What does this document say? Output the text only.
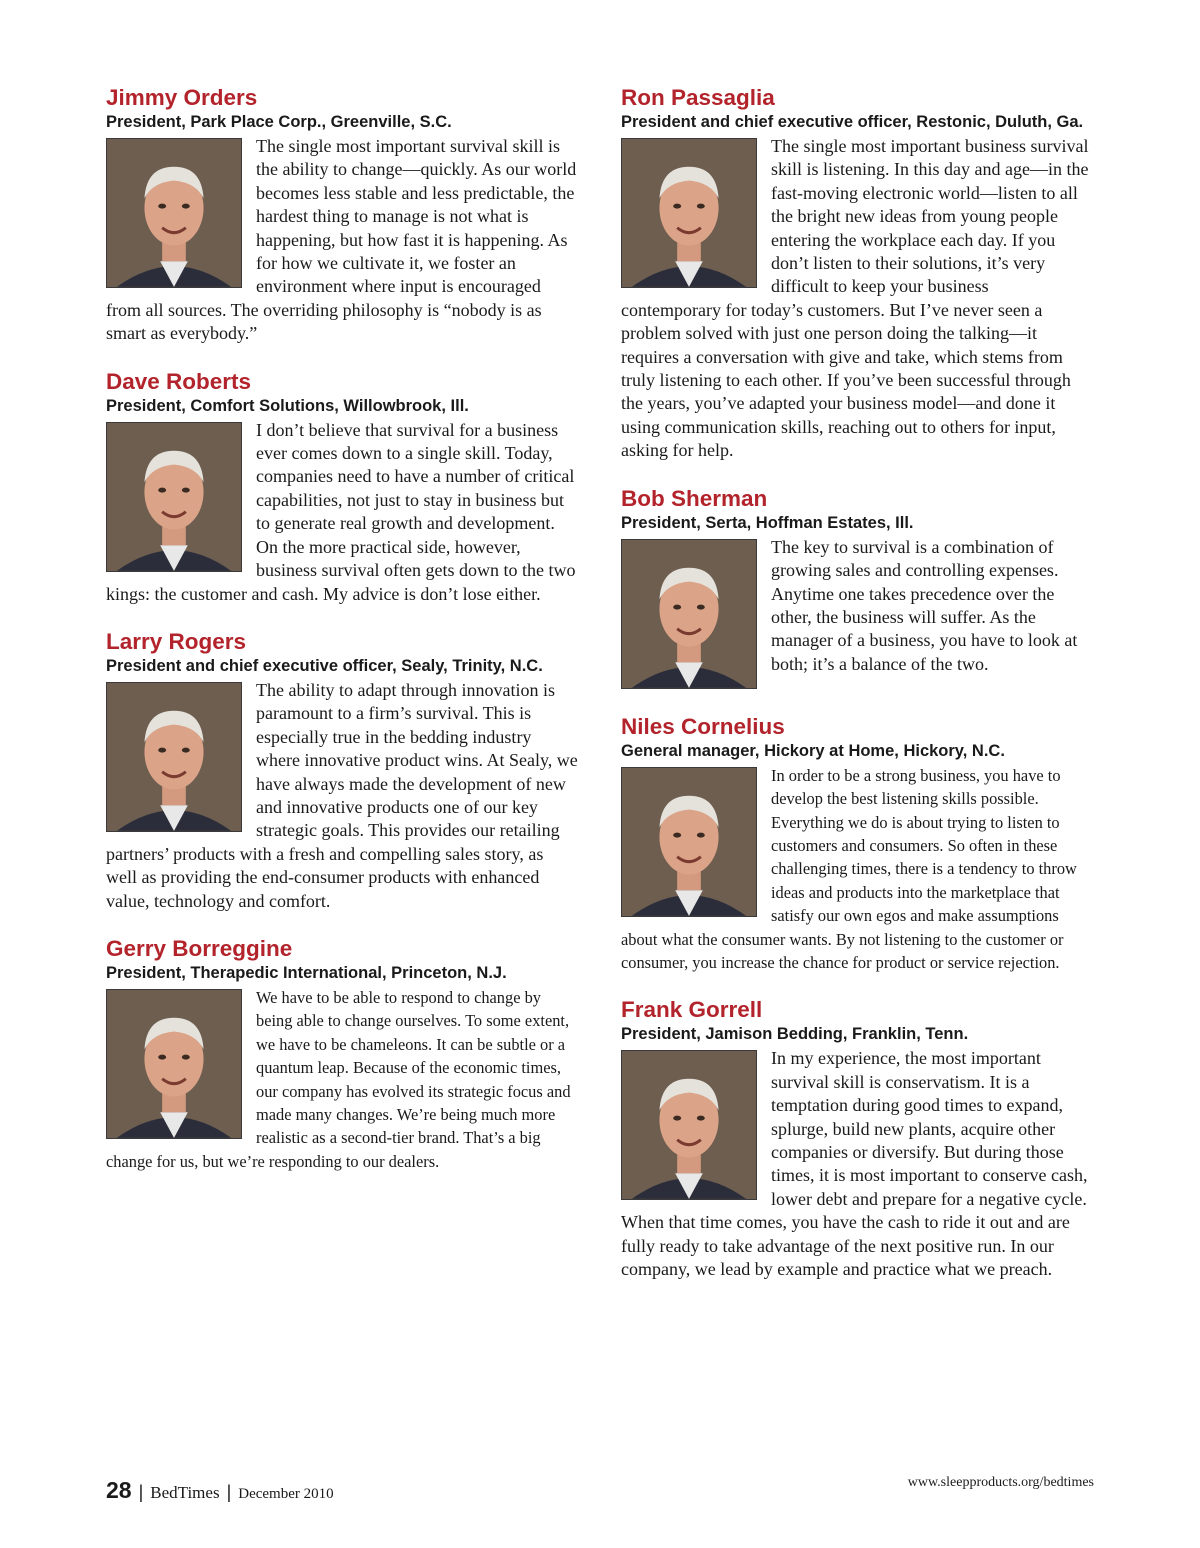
Jimmy Orders
President, Park Place Corp., Greenville, S.C.

The single most important survival skill is the ability to change—quickly. As our world becomes less stable and less predictable, the hardest thing to manage is not what is happening, but how fast it is happening. As for how we cultivate it, we foster an environment where input is encouraged from all sources. The overriding philosophy is “nobody is as smart as everybody.”

Dave Roberts
President, Comfort Solutions, Willowbrook, Ill.

I don’t believe that survival for a business ever comes down to a single skill. Today, companies need to have a number of critical capabilities, not just to stay in business but to generate real growth and development. On the more practical side, however, business survival often gets down to the two kings: the customer and cash. My advice is don’t lose either.

Larry Rogers
President and chief executive officer, Sealy, Trinity, N.C.

The ability to adapt through innovation is paramount to a firm’s survival. This is especially true in the bedding industry where innovative product wins. At Sealy, we have always made the development of new and innovative products one of our key strategic goals. This provides our retailing partners’ products with a fresh and compelling sales story, as well as providing the end-consumer products with enhanced value, technology and comfort.

Gerry Borreggine
President, Therapedic International, Princeton, N.J.

We have to be able to respond to change by being able to change ourselves. To some extent, we have to be chameleons. It can be subtle or a quantum leap. Because of the economic times, our company has evolved its strategic focus and made many changes. We’re being much more realistic as a second-tier brand. That’s a big change for us, but we’re responding to our dealers.

Ron Passaglia
President and chief executive officer, Restonic, Duluth, Ga.

The single most important business survival skill is listening. In this day and age—in the fast-moving electronic world—listen to all the bright new ideas from young people entering the workplace each day. If you don’t listen to their solutions, it’s very difficult to keep your business contemporary for today’s customers. But I’ve never seen a problem solved with just one person doing the talking—it requires a conversation with give and take, which stems from truly listening to each other. If you’ve been successful through the years, you’ve adapted your business model—and done it using communication skills, reaching out to others for input, asking for help.

Bob Sherman
President, Serta, Hoffman Estates, Ill.

The key to survival is a combination of growing sales and controlling expenses. Anytime one takes precedence over the other, the business will suffer. As the manager of a business, you have to look at both; it’s a balance of the two.

Niles Cornelius
General manager, Hickory at Home, Hickory, N.C.

In order to be a strong business, you have to develop the best listening skills possible. Everything we do is about trying to listen to customers and consumers. So often in these challenging times, there is a tendency to throw ideas and products into the marketplace that satisfy our own egos and make assumptions about what the consumer wants. By not listening to the customer or consumer, you increase the chance for product or service rejection.

Frank Gorrell
President, Jamison Bedding, Franklin, Tenn.

In my experience, the most important survival skill is conservatism. It is a temptation during good times to expand, splurge, build new plants, acquire other companies or diversify. But during those times, it is most important to conserve cash, lower debt and prepare for a negative cycle. When that time comes, you have the cash to ride it out and are fully ready to take advantage of the next positive run. In our company, we lead by example and practice what we preach.

28 | BedTimes | December 2010
www.sleepproducts.org/bedtimes
